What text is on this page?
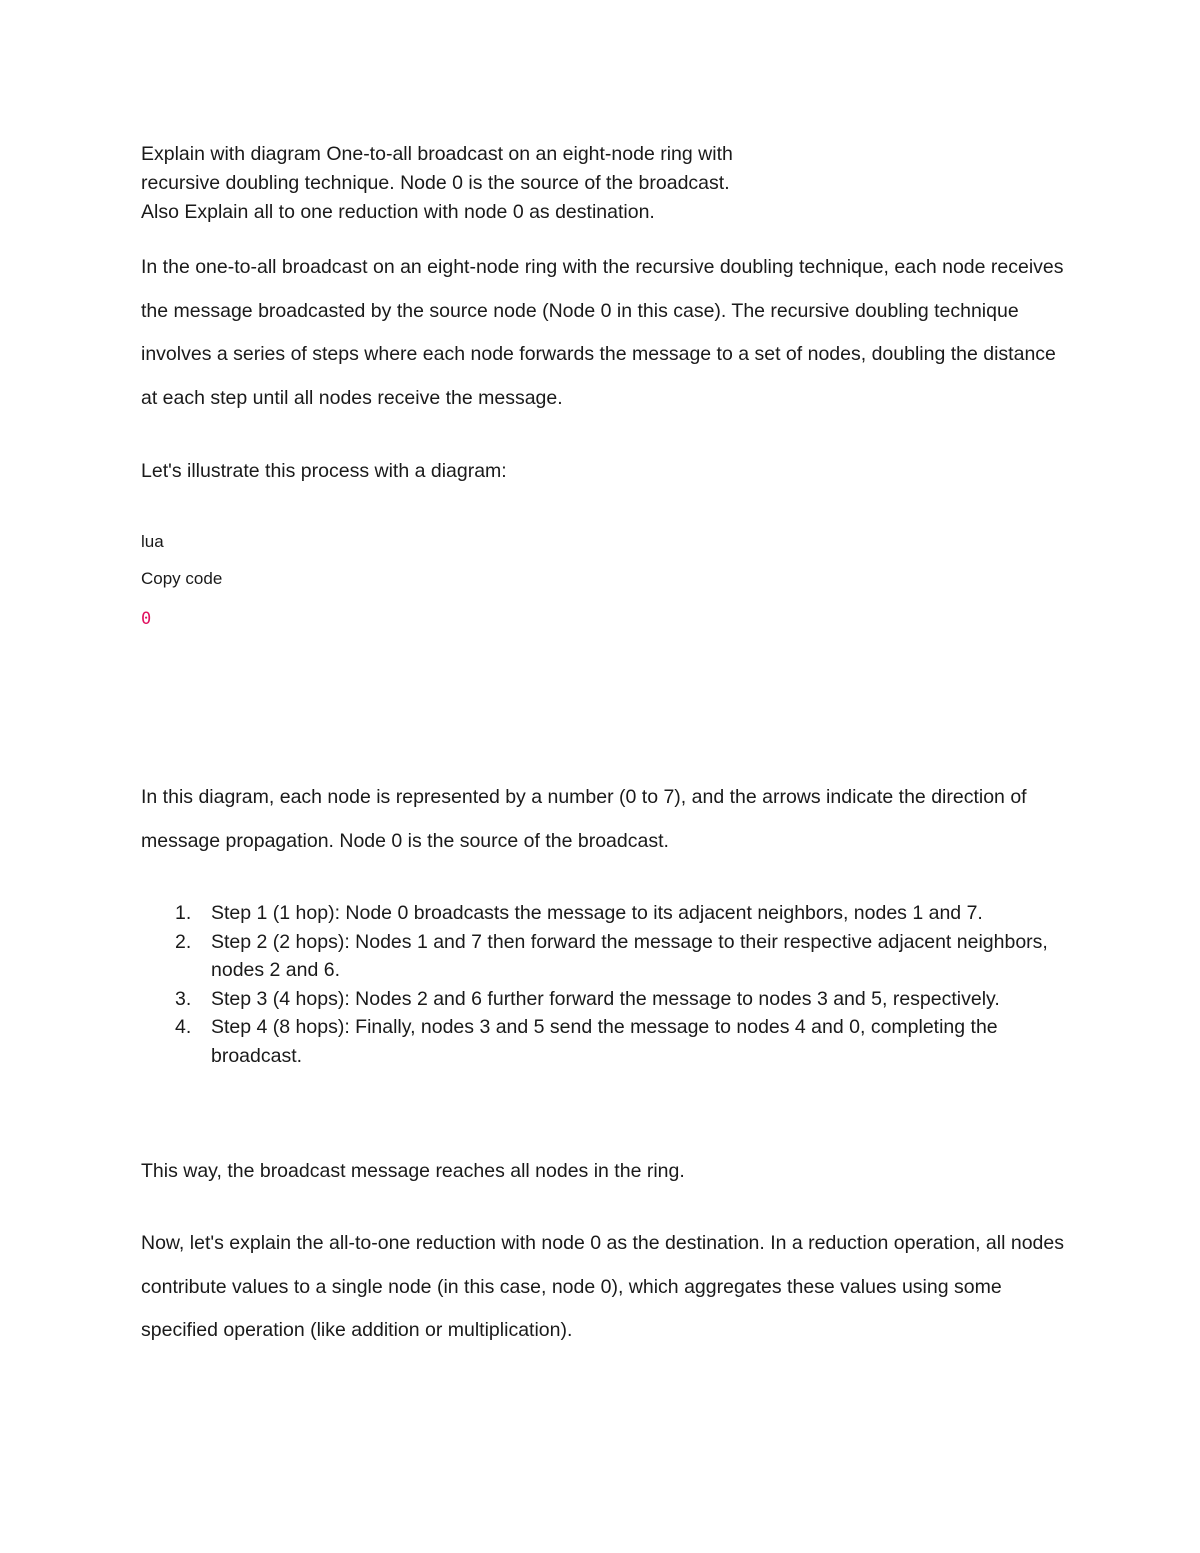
Explain with diagram One-to-all broadcast on an eight-node ring with
recursive doubling technique. Node 0 is the source of the broadcast.
Also Explain all to one reduction with node 0 as destination.
In the one-to-all broadcast on an eight-node ring with the recursive doubling technique, each node receives the message broadcasted by the source node (Node 0 in this case). The recursive doubling technique involves a series of steps where each node forwards the message to a set of nodes, doubling the distance at each step until all nodes receive the message.
Let's illustrate this process with a diagram:
lua
Copy code
0
In this diagram, each node is represented by a number (0 to 7), and the arrows indicate the direction of message propagation. Node 0 is the source of the broadcast.
1. Step 1 (1 hop): Node 0 broadcasts the message to its adjacent neighbors, nodes 1 and 7.
2. Step 2 (2 hops): Nodes 1 and 7 then forward the message to their respective adjacent neighbors, nodes 2 and 6.
3. Step 3 (4 hops): Nodes 2 and 6 further forward the message to nodes 3 and 5, respectively.
4. Step 4 (8 hops): Finally, nodes 3 and 5 send the message to nodes 4 and 0, completing the broadcast.
This way, the broadcast message reaches all nodes in the ring.
Now, let's explain the all-to-one reduction with node 0 as the destination. In a reduction operation, all nodes contribute values to a single node (in this case, node 0), which aggregates these values using some specified operation (like addition or multiplication).
